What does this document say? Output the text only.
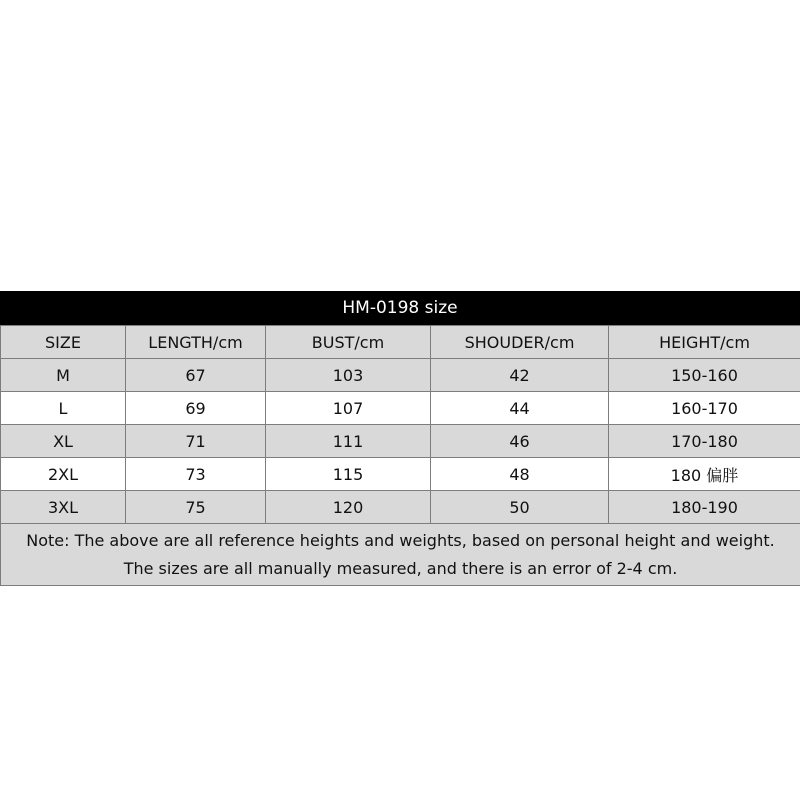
HM-0198 size
SIZE	LENGTH/cm	BUST/cm	SHOUDER/cm	HEIGHT/cm
M	67	103	42	150-160
L	69	107	44	160-170
XL	71	111	46	170-180
2XL	73	115	48	180 偏胖
3XL	75	120	50	180-190
Note: The above are all reference heights and weights, based on personal height and weight. The sizes are all manually measured, and there is an error of 2-4 cm.				
